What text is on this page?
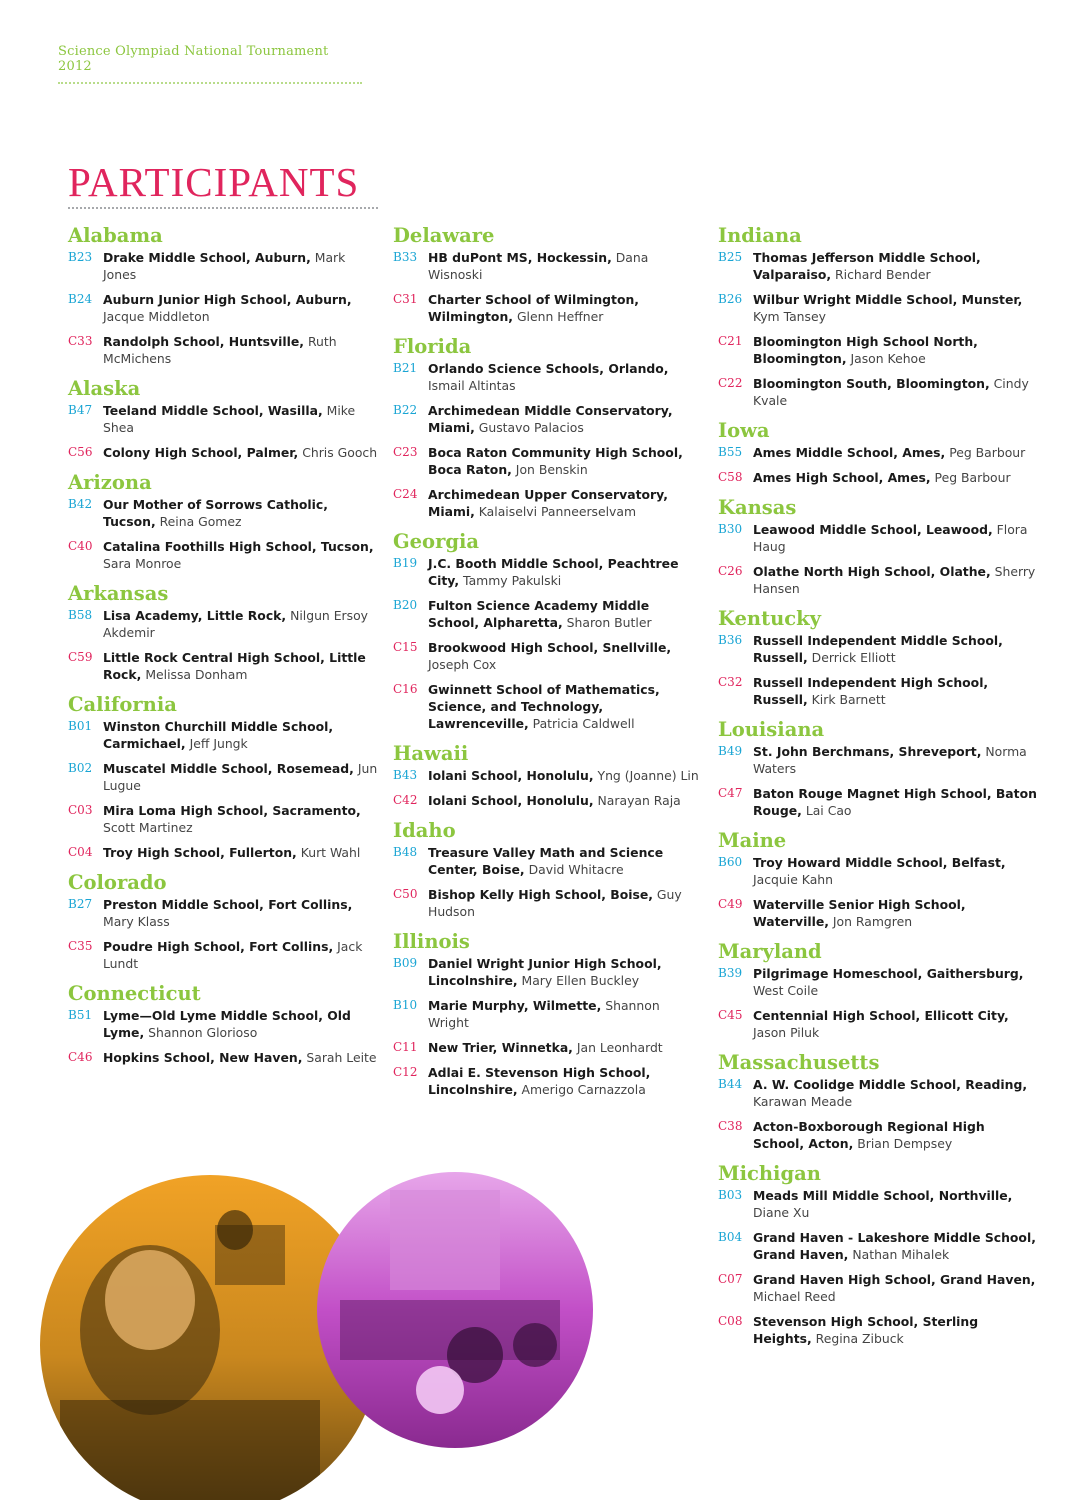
Science Olympiad National Tournament 2012
PARTICIPANTS
Alabama
B23 Drake Middle School, Auburn, Mark Jones
B24 Auburn Junior High School, Auburn, Jacque Middleton
C33 Randolph School, Huntsville, Ruth McMichens
Alaska
B47 Teeland Middle School, Wasilla, Mike Shea
C56 Colony High School, Palmer, Chris Gooch
Arizona
B42 Our Mother of Sorrows Catholic, Tucson, Reina Gomez
C40 Catalina Foothills High School, Tucson, Sara Monroe
Arkansas
B58 Lisa Academy, Little Rock, Nilgun Ersoy Akdemir
C59 Little Rock Central High School, Little Rock, Melissa Donham
California
B01 Winston Churchill Middle School, Carmichael, Jeff Jungk
B02 Muscatel Middle School, Rosemead, Jun Lugue
C03 Mira Loma High School, Sacramento, Scott Martinez
C04 Troy High School, Fullerton, Kurt Wahl
Colorado
B27 Preston Middle School, Fort Collins, Mary Klass
C35 Poudre High School, Fort Collins, Jack Lundt
Connecticut
B51 Lyme—Old Lyme Middle School, Old Lyme, Shannon Glorioso
C46 Hopkins School, New Haven, Sarah Leite
Delaware
B33 HB duPont MS, Hockessin, Dana Wisnoski
C31 Charter School of Wilmington, Wilmington, Glenn Heffner
Florida
B21 Orlando Science Schools, Orlando, Ismail Altintas
B22 Archimedean Middle Conservatory, Miami, Gustavo Palacios
C23 Boca Raton Community High School, Boca Raton, Jon Benskin
C24 Archimedean Upper Conservatory, Miami, Kalaiselvi Panneerselvam
Georgia
B19 J.C. Booth Middle School, Peachtree City, Tammy Pakulski
B20 Fulton Science Academy Middle School, Alpharetta, Sharon Butler
C15 Brookwood High School, Snellville, Joseph Cox
C16 Gwinnett School of Mathematics, Science, and Technology, Lawrenceville, Patricia Caldwell
Hawaii
B43 Iolani School, Honolulu, Yng (Joanne) Lin
C42 Iolani School, Honolulu, Narayan Raja
Idaho
B48 Treasure Valley Math and Science Center, Boise, David Whitacre
C50 Bishop Kelly High School, Boise, Guy Hudson
Illinois
B09 Daniel Wright Junior High School, Lincolnshire, Mary Ellen Buckley
B10 Marie Murphy, Wilmette, Shannon Wright
C11 New Trier, Winnetka, Jan Leonhardt
C12 Adlai E. Stevenson High School, Lincolnshire, Amerigo Carnazzola
Indiana
B25 Thomas Jefferson Middle School, Valparaiso, Richard Bender
B26 Wilbur Wright Middle School, Munster, Kym Tansey
C21 Bloomington High School North, Bloomington, Jason Kehoe
C22 Bloomington South, Bloomington, Cindy Kvale
Iowa
B55 Ames Middle School, Ames, Peg Barbour
C58 Ames High School, Ames, Peg Barbour
Kansas
B30 Leawood Middle School, Leawood, Flora Haug
C26 Olathe North High School, Olathe, Sherry Hansen
Kentucky
B36 Russell Independent Middle School, Russell, Derrick Elliott
C32 Russell Independent High School, Russell, Kirk Barnett
Louisiana
B49 St. John Berchmans, Shreveport, Norma Waters
C47 Baton Rouge Magnet High School, Baton Rouge, Lai Cao
Maine
B60 Troy Howard Middle School, Belfast, Jacquie Kahn
C49 Waterville Senior High School, Waterville, Jon Ramgren
Maryland
B39 Pilgrimage Homeschool, Gaithersburg, West Coile
C45 Centennial High School, Ellicott City, Jason Piluk
Massachusetts
B44 A. W. Coolidge Middle School, Reading, Karawan Meade
C38 Acton-Boxborough Regional High School, Acton, Brian Dempsey
Michigan
B03 Meads Mill Middle School, Northville, Diane Xu
B04 Grand Haven - Lakeshore Middle School, Grand Haven, Nathan Mihalek
C07 Grand Haven High School, Grand Haven, Michael Reed
C08 Stevenson High School, Sterling Heights, Regina Zibuck
